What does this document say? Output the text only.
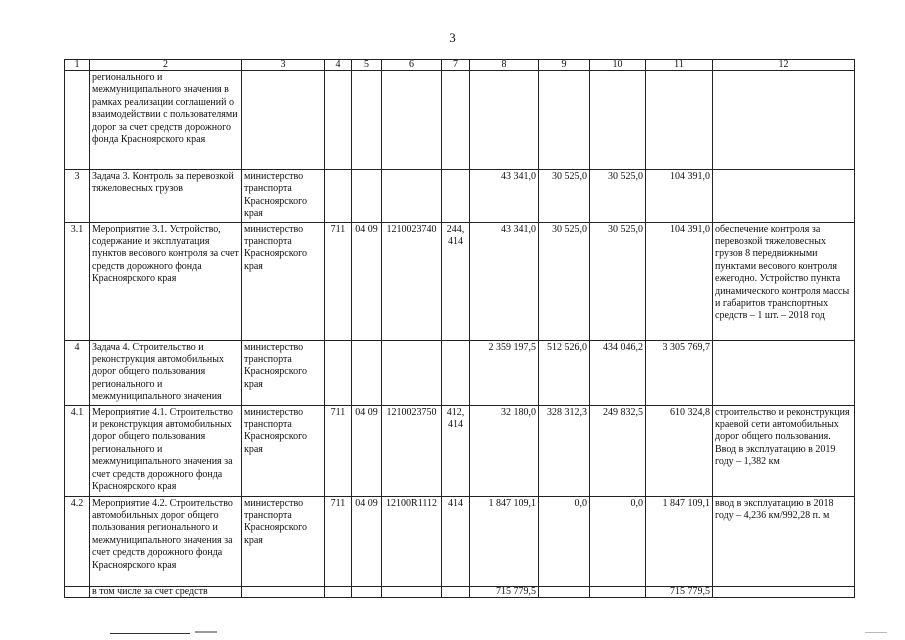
3
1	2	3	4	5	6	7	8	9	10	11	12
	регионального и межмуниципального значения в рамках реализации соглашений о взаимодействии с пользователями дорог за счет средств дорожного фонда Красноярского края										
3	Задача 3. Контроль за перевозкой тяжеловесных грузов	министерство транспорта Красноярского края					43 341,0	30 525,0	30 525,0	104 391,0	
3.1	Мероприятие 3.1. Устройство, содержание и эксплуатация пунктов весового контроля за счет средств дорожного фонда Красноярского края	министерство транспорта Красноярского края	711	04 09	1210023740	244, 414	43 341,0	30 525,0	30 525,0	104 391,0	обеспечение контроля за перевозкой тяжеловесных грузов 8 передвижными пунктами весового контроля ежегодно. Устройство пункта динамического контроля массы и габаритов транспортных средств – 1 шт. – 2018 год
4	Задача 4. Строительство и реконструкция автомобильных дорог общего пользования регионального и межмуниципального значения	министерство транспорта Красноярского края					2 359 197,5	512 526,0	434 046,2	3 305 769,7	
4.1	Мероприятие 4.1. Строительство и реконструкция автомобильных дорог общего пользования регионального и межмуниципального значения за счет средств дорожного фонда Красноярского края	министерство транспорта Красноярского края	711	04 09	1210023750	412, 414	32 180,0	328 312,3	249 832,5	610 324,8	строительство и реконструкция краевой сети автомобильных дорог общего пользования. Ввод в эксплуатацию в 2019 году – 1,382 км
4.2	Мероприятие 4.2. Строительство автомобильных дорог общего пользования регионального и межмуниципального значения за счет средств дорожного фонда Красноярского края	министерство транспорта Красноярского края	711	04 09	12100R1112	414	1 847 109,1	0,0	0,0	1 847 109,1	ввод в эксплуатацию в 2018 году – 4,236 км/992,28 п. м
	в том числе за счет средств						715 779,5			715 779,5	
